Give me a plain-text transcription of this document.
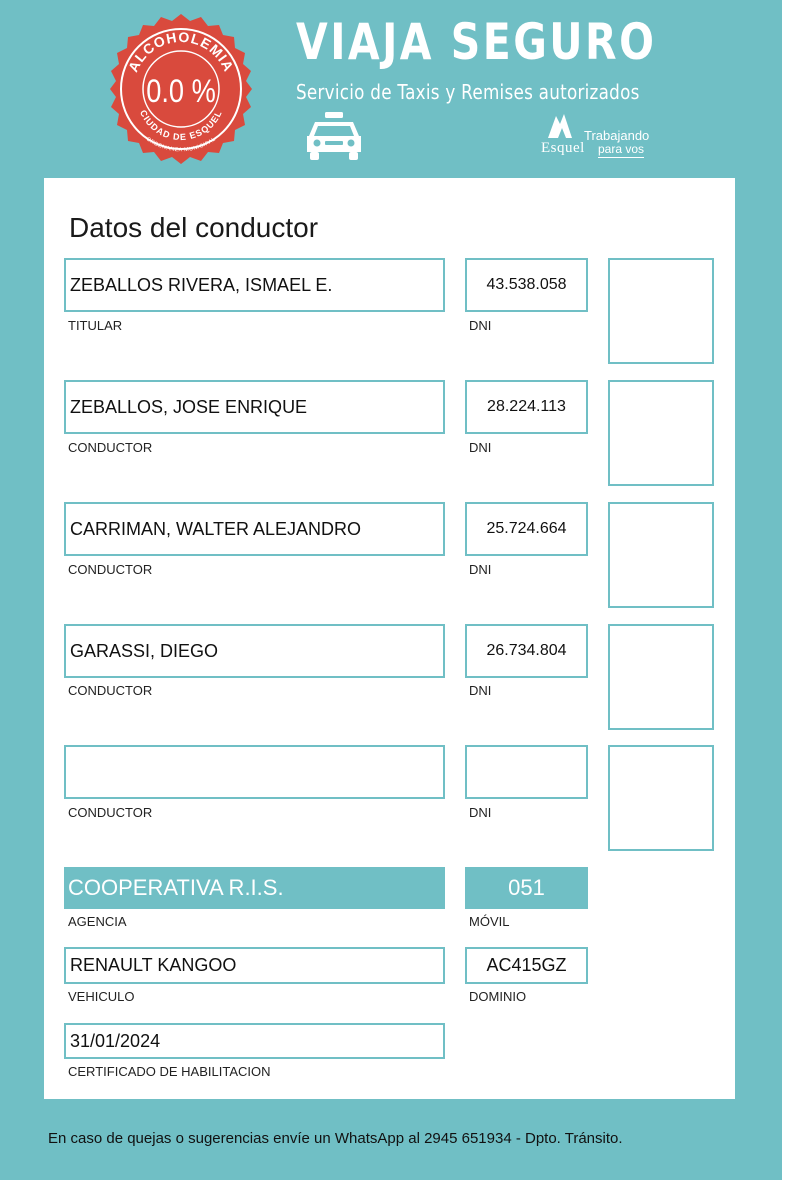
ALCOHOLEMIA
CIUDAD DE ESQUEL
ORDENANZA MUNICIPAL
0.0 %
VIAJA SEGURO
Servicio de Taxis y Remises autorizados
Esquel
Trabajando
para vos
Datos del conductor
ZEBALLOS RIVERA, ISMAEL E.	43.538.058
TITULAR	DNI
ZEBALLOS, JOSE ENRIQUE	28.224.113
CONDUCTOR	DNI
CARRIMAN, WALTER ALEJANDRO	25.724.664
CONDUCTOR	DNI
GARASSI, DIEGO	26.734.804
CONDUCTOR	DNI
CONDUCTOR	DNI
COOPERATIVA R.I.S.	051
AGENCIA	MÓVIL
RENAULT KANGOO	AC415GZ
VEHICULO	DOMINIO
31/01/2024
CERTIFICADO DE HABILITACION
En caso de quejas o sugerencias envíe un WhatsApp al 2945 651934 - Dpto. Tránsito.
